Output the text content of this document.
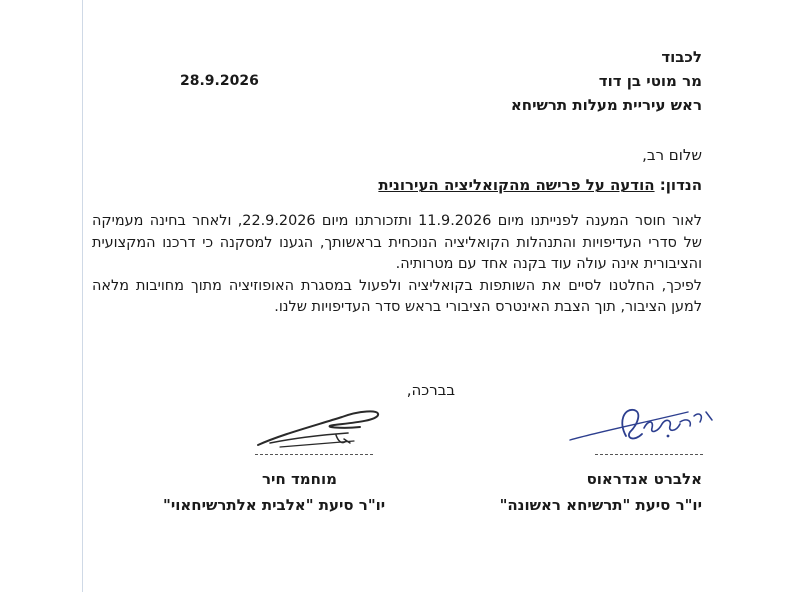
לכבוד
מר מוטי בן דוד
ראש עיריית מעלות תרשיחא
28.9.2026
שלום רב,
הנדון: הודעה על פרישה מהקואליציה העירונית

לאור חוסר המענה לפנייתנו מיום 11.9.2026 ותזכורתנו מיום 22.9.2026, ולאחר בחינה מעמיקה של סדרי העדיפויות והתנהלות הקואליציה הנוכחית בראשותך, הגענו למסקנה כי דרכנו המקצועית והציבורית אינה עולה עוד בקנה אחד עם מטרותיה.

לפיכך, החלטנו לסיים את השותפות בקואליציה ולפעול במסגרת האופוזיציה מתוך מחויבות מלאה למען הציבור, תוך הצבת האינטרס הציבורי בראש סדר העדיפויות שלנו.

בברכה,
מוחמד חיר
יו"ר סיעת "אלבית אלתרשיחאוי"
אלברט אנדראוס
יו"ר סיעת "תרשיחא ראשונה"
